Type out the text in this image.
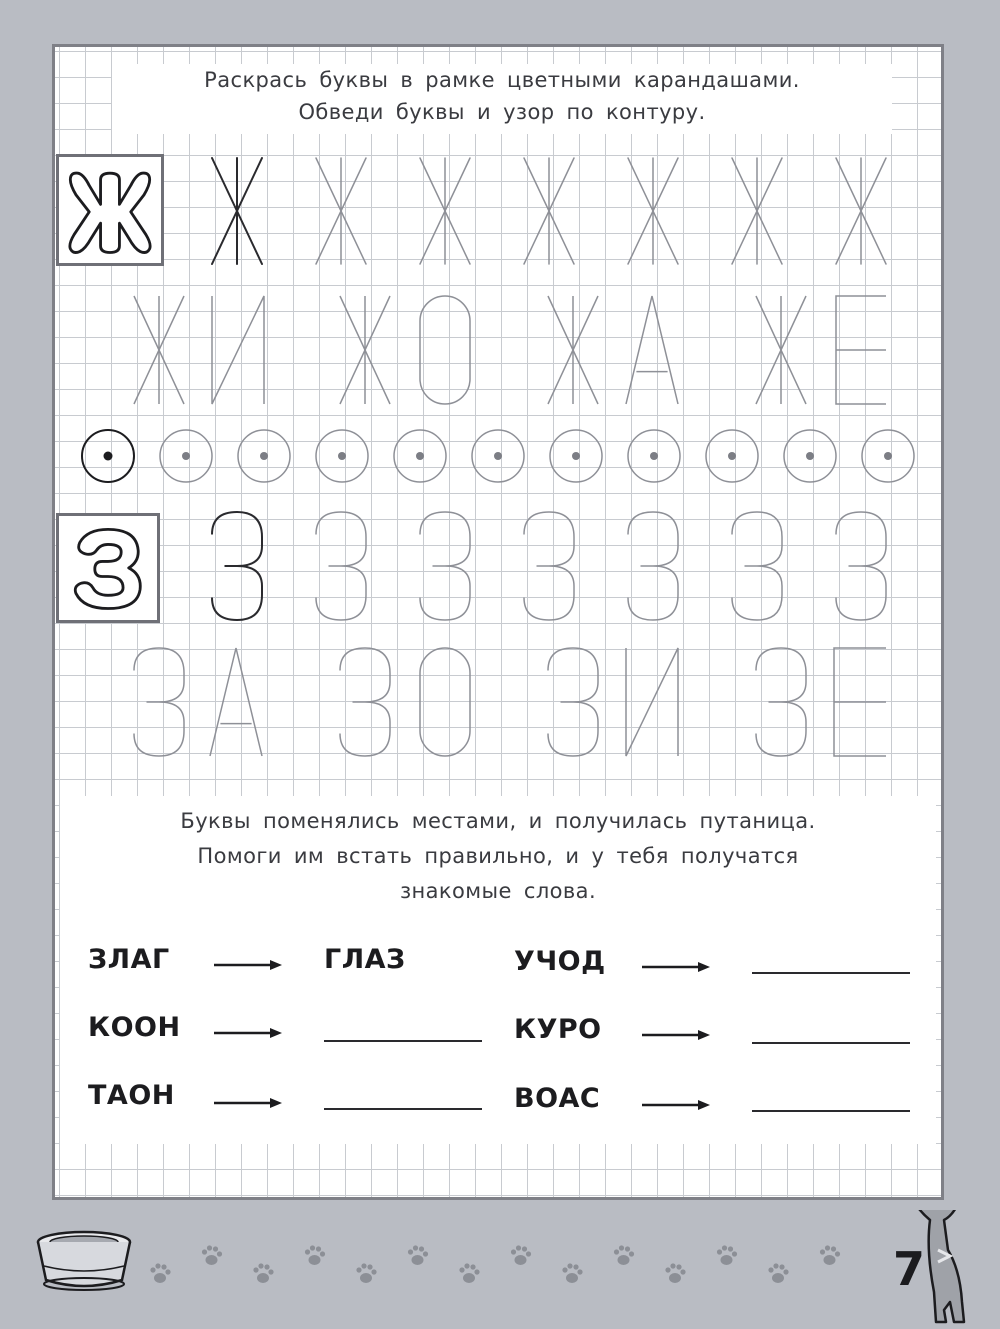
Раскрась буквы в рамке цветными карандашами.
Обведи буквы и узор по контуру.
Буквы поменялись местами, и получилась путаница.
Помоги им встать правильно, и у тебя получатся
знакомые слова.
ЗЛАГ	ГЛАЗ
КООН
ТАОН
УЧОД
КУРО
ВОАС
7
